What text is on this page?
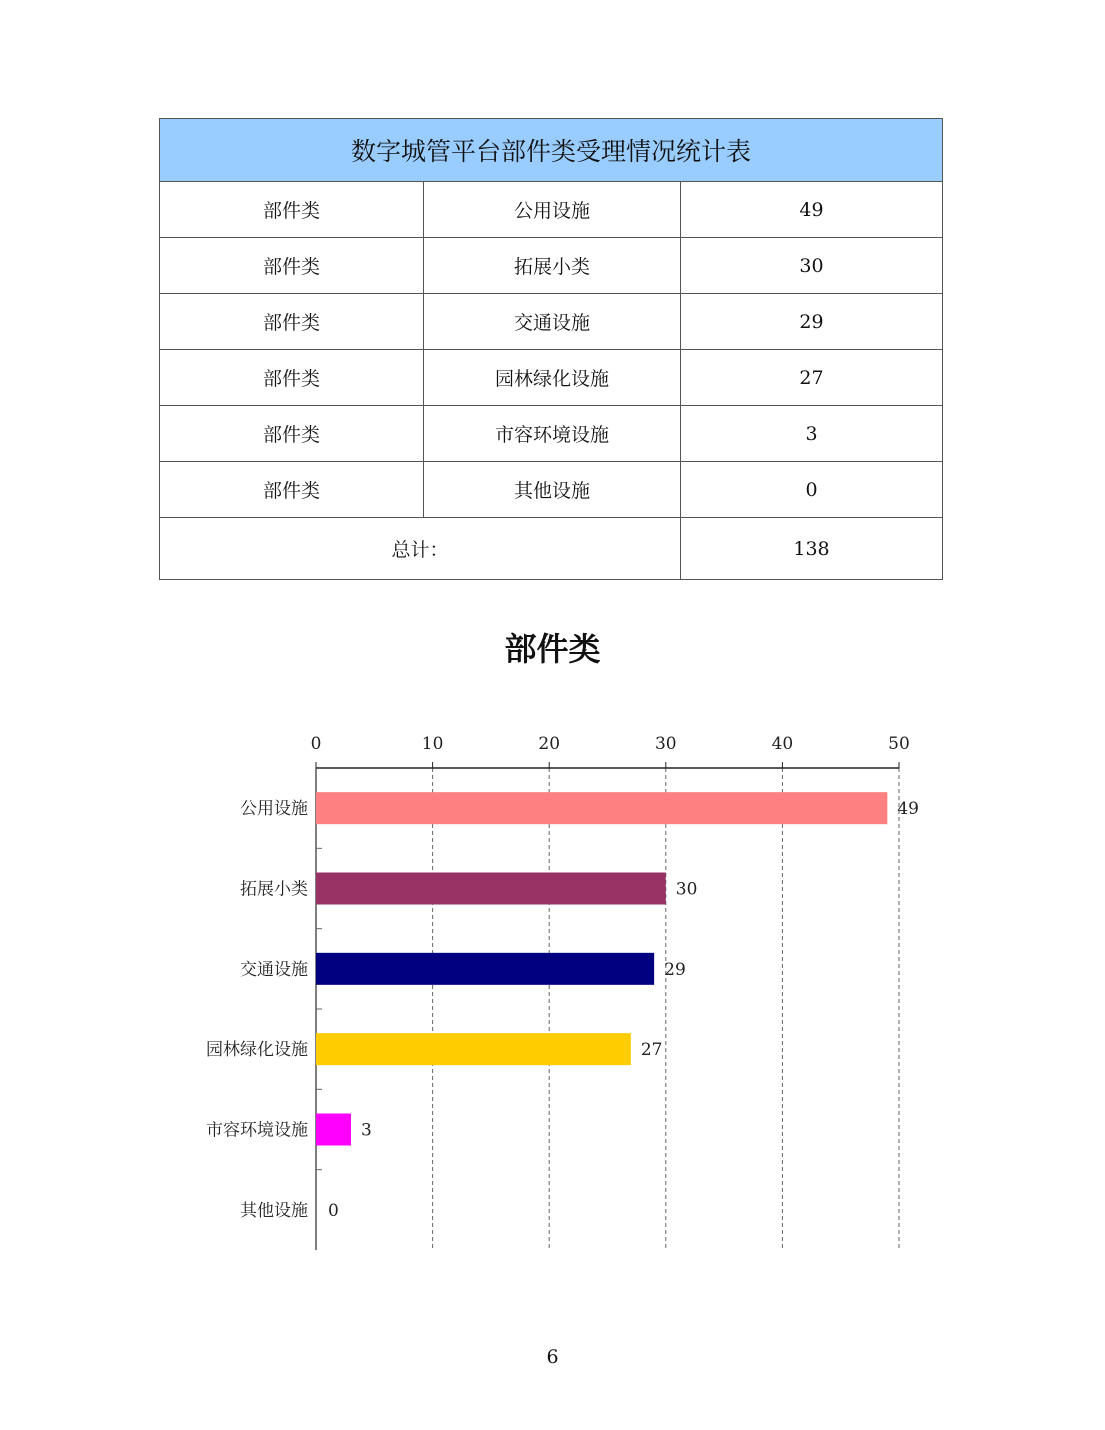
数字城管平台部件类受理情况统计表		
部件类	公用设施	49
部件类	拓展小类	30
部件类	交通设施	29
部件类	园林绿化设施	27
部件类	市容环境设施	3
部件类	其他设施	0
总计：		138
部件类
0	10	20	30	40	50
公用设施	49
拓展小类	30
交通设施	29
园林绿化设施	27
市容环境设施	3
其他设施 0
6
